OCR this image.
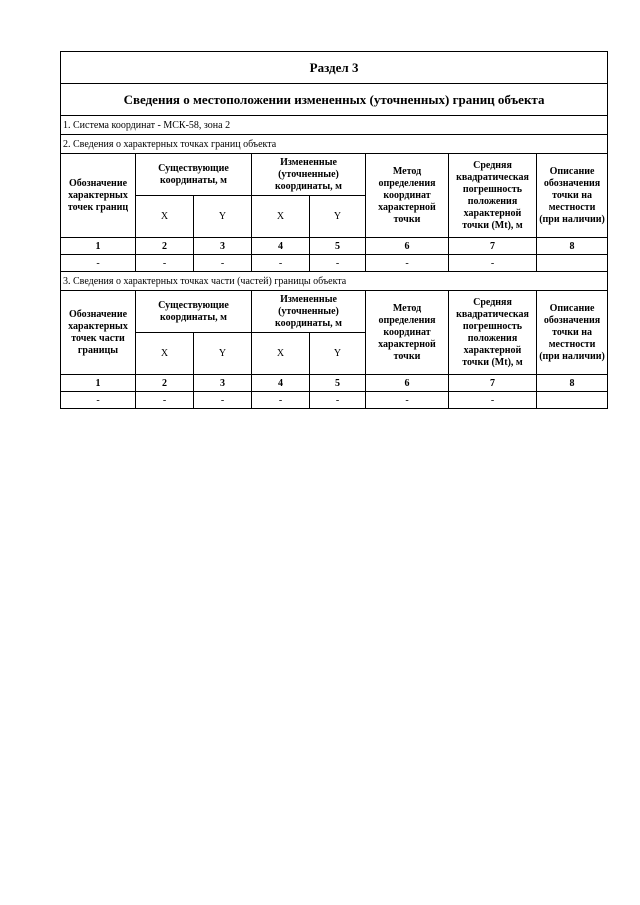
Раздел 3							
Сведения о местоположении измененных (уточненных) границ объекта							
1. Система координат - МСК-58, зона 2							
2. Сведения о характерных точках границ объекта							
Обозначение характерных точек границ	Существующие координаты, м		Измененные (уточненные) координаты, м		Метод определения координат характерной точки	Средняя квадратическая погрешность положения характерной точки (Mt), м	Описание обозначения точки на местности (при наличии)
	X	Y	X	Y			
1	2	3	4	5	6	7	8
-	-	-	-	-	-	-	
3. Сведения о характерных точках части (частей) границы объекта							
Обозначение характерных точек части границы	Существующие координаты, м		Измененные (уточненные) координаты, м		Метод определения координат характерной точки	Средняя квадратическая погрешность положения характерной точки (Mt), м	Описание обозначения точки на местности (при наличии)
	X	Y	X	Y			
1	2	3	4	5	6	7	8
-	-	-	-	-	-	-	
